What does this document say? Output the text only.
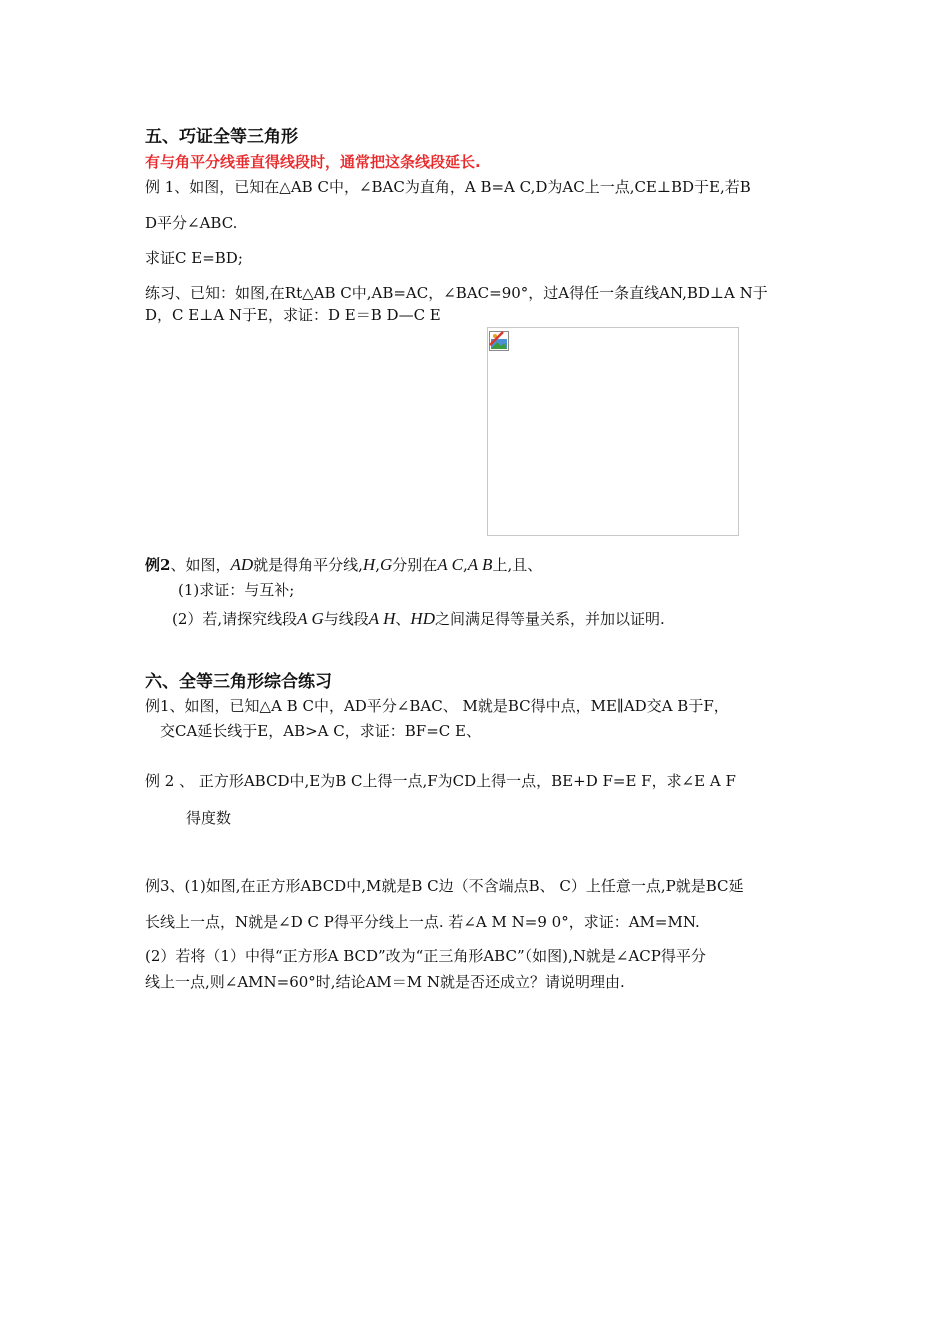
五、巧证全等三角形
有与角平分线垂直得线段时，通常把这条线段延长.
例 1、如图，已知在△AB C中，∠BAC为直角，A B=A C,D为AC上一点,CE⊥BD于E,若B
D平分∠ABC.
求证C E=BD;
练习、已知：如图,在Rt△AB C中,AB=AC，∠BAC=90°，过A得任一条直线AN,BD⊥A N于
D，C E⊥A N于E，求证：D E＝B D—C E
例2、如图，AD就是得角平分线,H,G分别在A C,A B上,且、
(1)求证：与互补;
(2）若,请探究线段A G与线段A H、HD之间满足得等量关系，并加以证明.
六、全等三角形综合练习
例1、如图，已知△A B C中，AD平分∠BAC、 M就是BC得中点，ME∥AD交A B于F，
交CA延长线于E，AB>A C，求证：BF=C E、
例 2 、 正方形ABCD中,E为B C上得一点,F为CD上得一点，BE+D F=E F，求∠E A F
得度数
例3、(1)如图,在正方形ABCD中,M就是B C边（不含端点B、 C）上任意一点,P就是BC延
长线上一点，N就是∠D C P得平分线上一点. 若∠A M N=9 0°，求证：AM=MN.
(2）若将（1）中得“正方形A BCD”改为“正三角形ABC”（如图),N就是∠ACP得平分
线上一点,则∠AMN=60°时,结论AM＝M N就是否还成立？请说明理由.
